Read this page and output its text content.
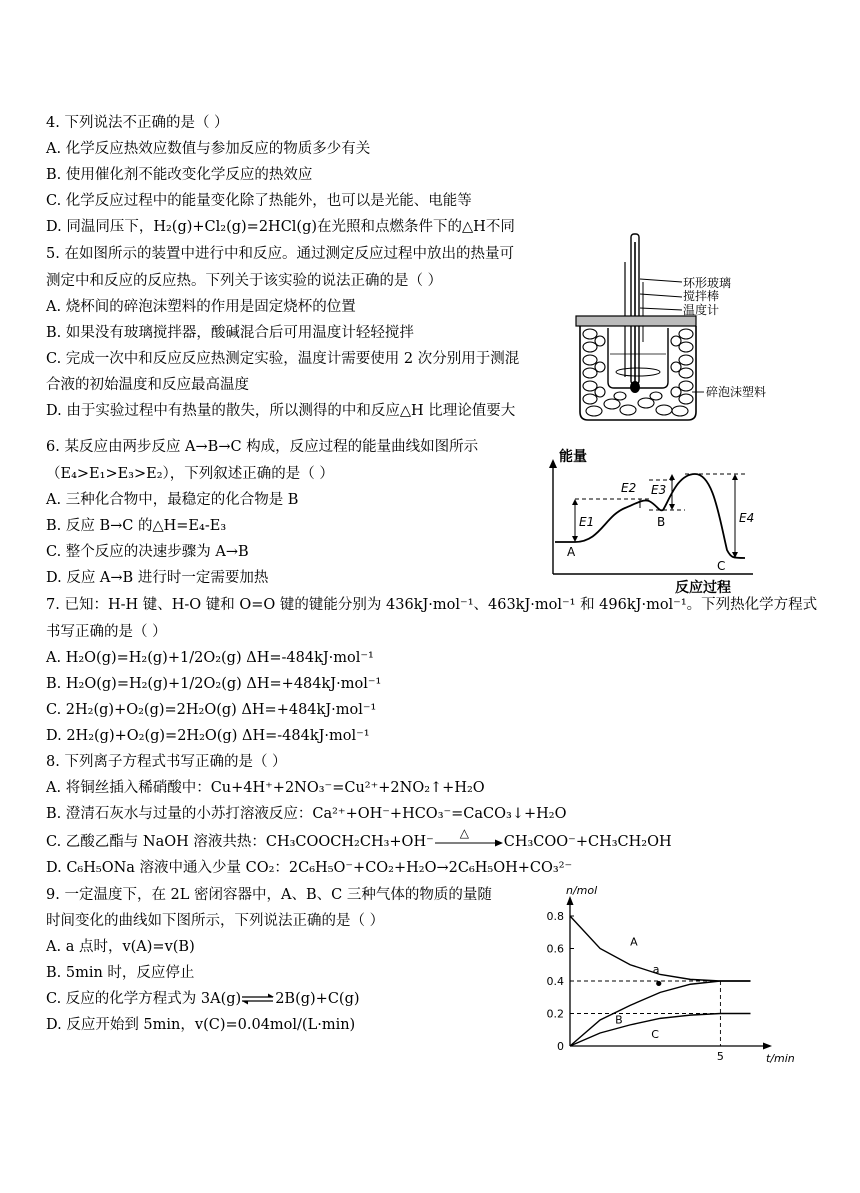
4. 下列说法不正确的是（ ）
A. 化学反应热效应数值与参加反应的物质多少有关
B. 使用催化剂不能改变化学反应的热效应
C. 化学反应过程中的能量变化除了热能外，也可以是光能、电能等
D. 同温同压下，H₂(g)+Cl₂(g)=2HCl(g)在光照和点燃条件下的△H不同
5. 在如图所示的装置中进行中和反应。通过测定反应过程中放出的热量可
测定中和反应的反应热。下列关于该实验的说法正确的是（ ）
A. 烧杯间的碎泡沫塑料的作用是固定烧杯的位置
B. 如果没有玻璃搅拌器，酸碱混合后可用温度计轻轻搅拌
C. 完成一次中和反应反应热测定实验，温度计需要使用 2 次分别用于测混
合液的初始温度和反应最高温度
D. 由于实验过程中有热量的散失，所以测得的中和反应△H 比理论值要大
环形玻璃
搅拌棒
温度计
碎泡沫塑料
6. 某反应由两步反应 A→B→C 构成，反应过程的能量曲线如图所示
（E₄>E₁>E₃>E₂），下列叙述正确的是（ ）
A. 三种化合物中，最稳定的化合物是 B
B. 反应 B→C 的△H=E₄-E₃
C. 整个反应的决速步骤为 A→B
D. 反应 A→B 进行时一定需要加热
能量
反应过程
E1
E2 E3
E4
A
B
C
7. 已知：H-H 键、H-O 键和 O=O 键的键能分别为 436kJ·mol⁻¹、463kJ·mol⁻¹ 和 496kJ·mol⁻¹。下列热化学方程式
书写正确的是（ ）
A. H₂O(g)=H₂(g)+1/2O₂(g) ΔH=-484kJ·mol⁻¹
B. H₂O(g)=H₂(g)+1/2O₂(g) ΔH=+484kJ·mol⁻¹
C. 2H₂(g)+O₂(g)=2H₂O(g) ΔH=+484kJ·mol⁻¹
D. 2H₂(g)+O₂(g)=2H₂O(g) ΔH=-484kJ·mol⁻¹
8. 下列离子方程式书写正确的是（ ）
A. 将铜丝插入稀硝酸中：Cu+4H⁺+2NO₃⁻=Cu²⁺+2NO₂↑+H₂O
B. 澄清石灰水与过量的小苏打溶液反应：Ca²⁺+OH⁻+HCO₃⁻=CaCO₃↓+H₂O
C. 乙酸乙酯与 NaOH 溶液共热：CH₃COOCH₂CH₃+OH⁻
△
CH₃COO⁻+CH₃CH₂OH
D. C₆H₅ONa 溶液中通入少量 CO₂：2C₆H₅O⁻+CO₂+H₂O→2C₆H₅OH+CO₃²⁻
9. 一定温度下，在 2L 密闭容器中，A、B、C 三种气体的物质的量随
时间变化的曲线如下图所示，下列说法正确的是（ ）
A. a 点时，v(A)=v(B)
B. 5min 时，反应停止
C. 反应的化学方程式为 3A(g)⇌2B(g)+C(g)
D. 反应开始到 5min，v(C)=0.04mol/(L·min)
0.8
0.6
0.4
0.2
0
5
n/mol
t/min
A
B
C
a
